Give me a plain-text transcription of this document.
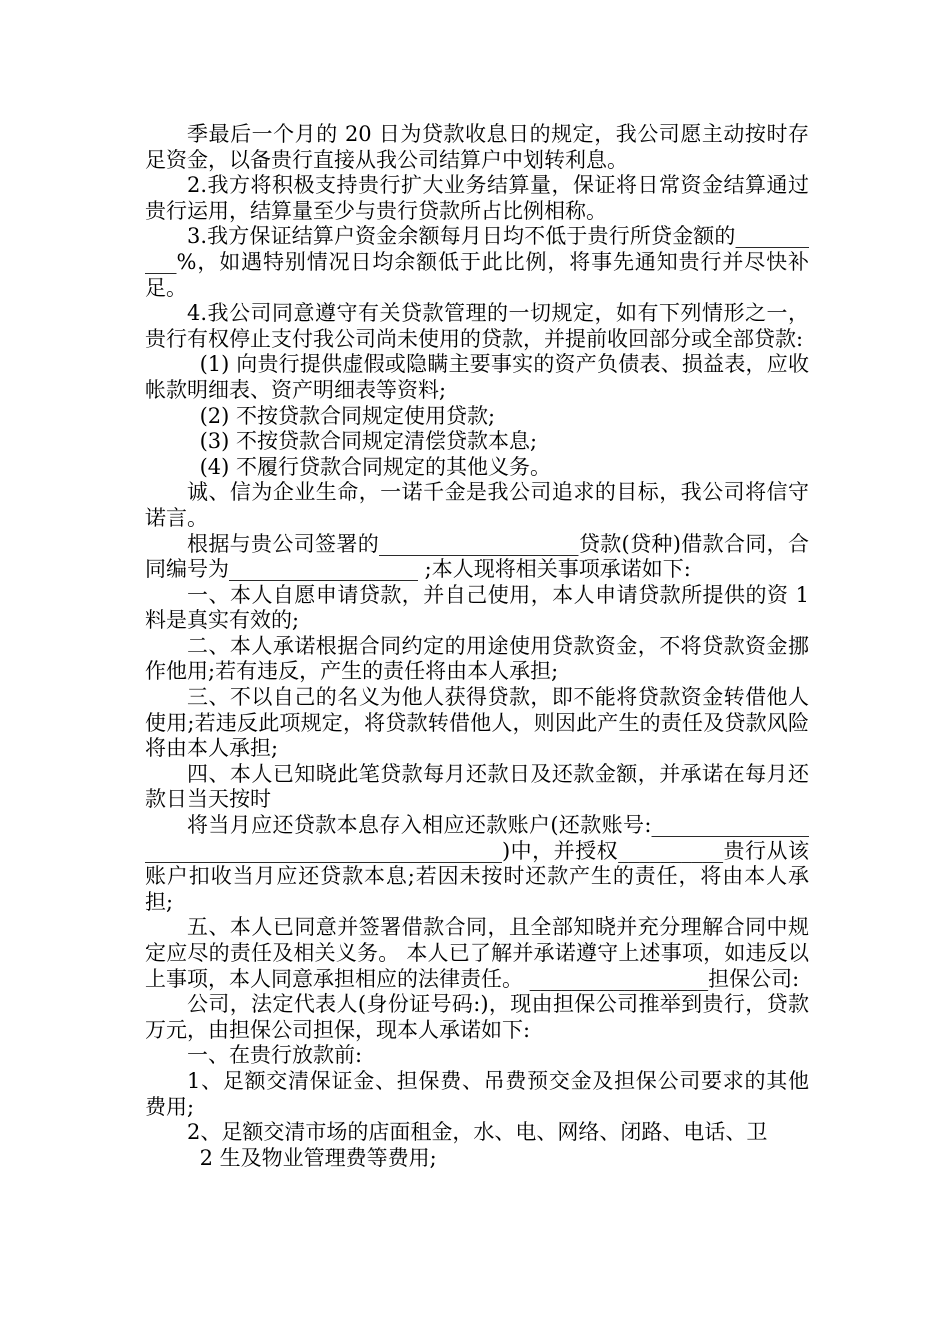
季最后一个月的 20 日为贷款收息日的规定，我公司愿主动按时存足资金，以备贵行直接从我公司结算户中划转利息。

2.我方将积极支持贵行扩大业务结算量，保证将日常资金结算通过贵行运用，结算量至少与贵行贷款所占比例相称。

3.我方保证结算户资金余额每月日均不低于贵行所贷金额的__________%，如遇特别情况日均余额低于此比例，将事先通知贵行并尽快补足。

4.我公司同意遵守有关贷款管理的一切规定，如有下列情形之一，贵行有权停止支付我公司尚未使用的贷款，并提前收回部分或全部贷款:

(1) 向贵行提供虚假或隐瞒主要事实的资产负债表、损益表，应收帐款明细表、资产明细表等资料;

(2) 不按贷款合同规定使用贷款;

(3) 不按贷款合同规定清偿贷款本息;

(4) 不履行贷款合同规定的其他义务。

诚、信为企业生命，一诺千金是我公司追求的目标，我公司将信守诺言。

根据与贵公司签署的___________________贷款(贷种)借款合同，合同编号为__________________ ;本人现将相关事项承诺如下:

一、本人自愿申请贷款，并自己使用，本人申请贷款所提供的资 1 料是真实有效的;

二、本人承诺根据合同约定的用途使用贷款资金，不将贷款资金挪作他用;若有违反，产生的责任将由本人承担;

三、不以自己的名义为他人获得贷款，即不能将贷款资金转借他人使用;若违反此项规定，将贷款转借他人，则因此产生的责任及贷款风险将由本人承担;

四、本人已知晓此笔贷款每月还款日及还款金额，并承诺在每月还款日当天按时

将当月应还贷款本息存入相应还款账户(还款账号:_________________________________________________)中，并授权__________贵行从该账户扣收当月应还贷款本息;若因未按时还款产生的责任，将由本人承担;

五、本人已同意并签署借款合同，且全部知晓并充分理解合同中规定应尽的责任及相关义务。 本人已了解并承诺遵守上述事项，如违反以上事项，本人同意承担相应的法律责任。 _________________担保公司:

公司，法定代表人(身份证号码:)，现由担保公司推举到贵行，贷款万元，由担保公司担保，现本人承诺如下:

一、在贵行放款前:

1、足额交清保证金、担保费、吊费预交金及担保公司要求的其他费用;

2、足额交清市场的店面租金，水、电、网络、闭路、电话、卫

2 生及物业管理费等费用;
